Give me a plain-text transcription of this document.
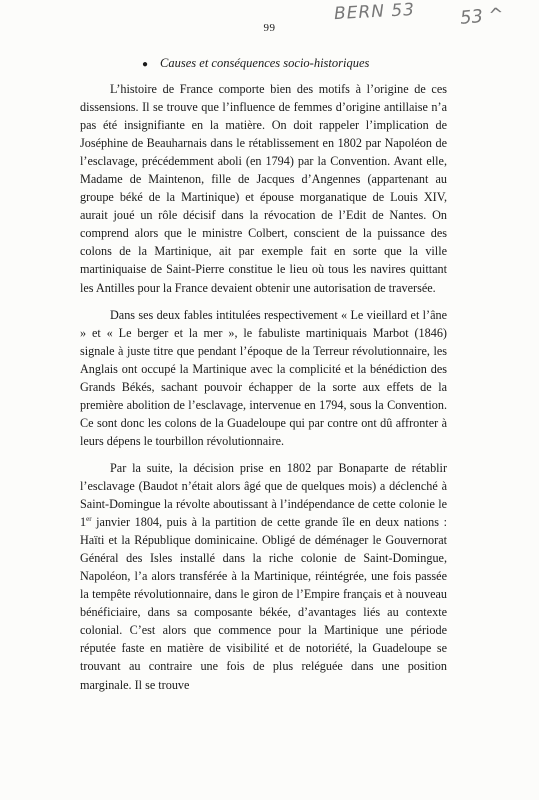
99
BERN 53 53 ^
● Causes et conséquences socio-historiques

L’histoire de France comporte bien des motifs à l’origine de ces dissensions. Il se trouve que l’influence de femmes d’origine antillaise n’a pas été insignifiante en la matière. On doit rappeler l’implication de Joséphine de Beauharnais dans le rétablissement en 1802 par Napoléon de l’esclavage, précédemment aboli (en 1794) par la Convention. Avant elle, Madame de Maintenon, fille de Jacques d’Angennes (appartenant au groupe béké de la Martinique) et épouse morganatique de Louis XIV, aurait joué un rôle décisif dans la révocation de l’Edit de Nantes. On comprend alors que le ministre Colbert, conscient de la puissance des colons de la Martinique, ait par exemple fait en sorte que la ville martiniquaise de Saint-Pierre constitue le lieu où tous les navires quittant les Antilles pour la France devaient obtenir une autorisation de traversée.

Dans ses deux fables intitulées respectivement « Le vieillard et l’âne » et « Le berger et la mer », le fabuliste martiniquais Marbot (1846) signale à juste titre que pendant l’époque de la Terreur révolutionnaire, les Anglais ont occupé la Martinique avec la complicité et la bénédiction des Grands Békés, sachant pouvoir échapper de la sorte aux effets de la première abolition de l’esclavage, intervenue en 1794, sous la Convention. Ce sont donc les colons de la Guadeloupe qui par contre ont dû affronter à leurs dépens le tourbillon révolutionnaire.

Par la suite, la décision prise en 1802 par Bonaparte de rétablir l’esclavage (Baudot n’était alors âgé que de quelques mois) a déclenché à Saint-Domingue la révolte aboutissant à l’indépendance de cette colonie le 1er janvier 1804, puis à la partition de cette grande île en deux nations : Haïti et la République dominicaine. Obligé de déménager le Gouvernorat Général des Isles installé dans la riche colonie de Saint-Domingue, Napoléon, l’a alors transférée à la Martinique, réintégrée, une fois passée la tempête révolutionnaire, dans le giron de l’Empire français et à nouveau bénéficiaire, dans sa composante békée, d’avantages liés au contexte colonial. C’est alors que commence pour la Martinique une période réputée faste en matière de visibilité et de notoriété, la Guadeloupe se trouvant au contraire une fois de plus reléguée dans une position marginale. Il se trouve
